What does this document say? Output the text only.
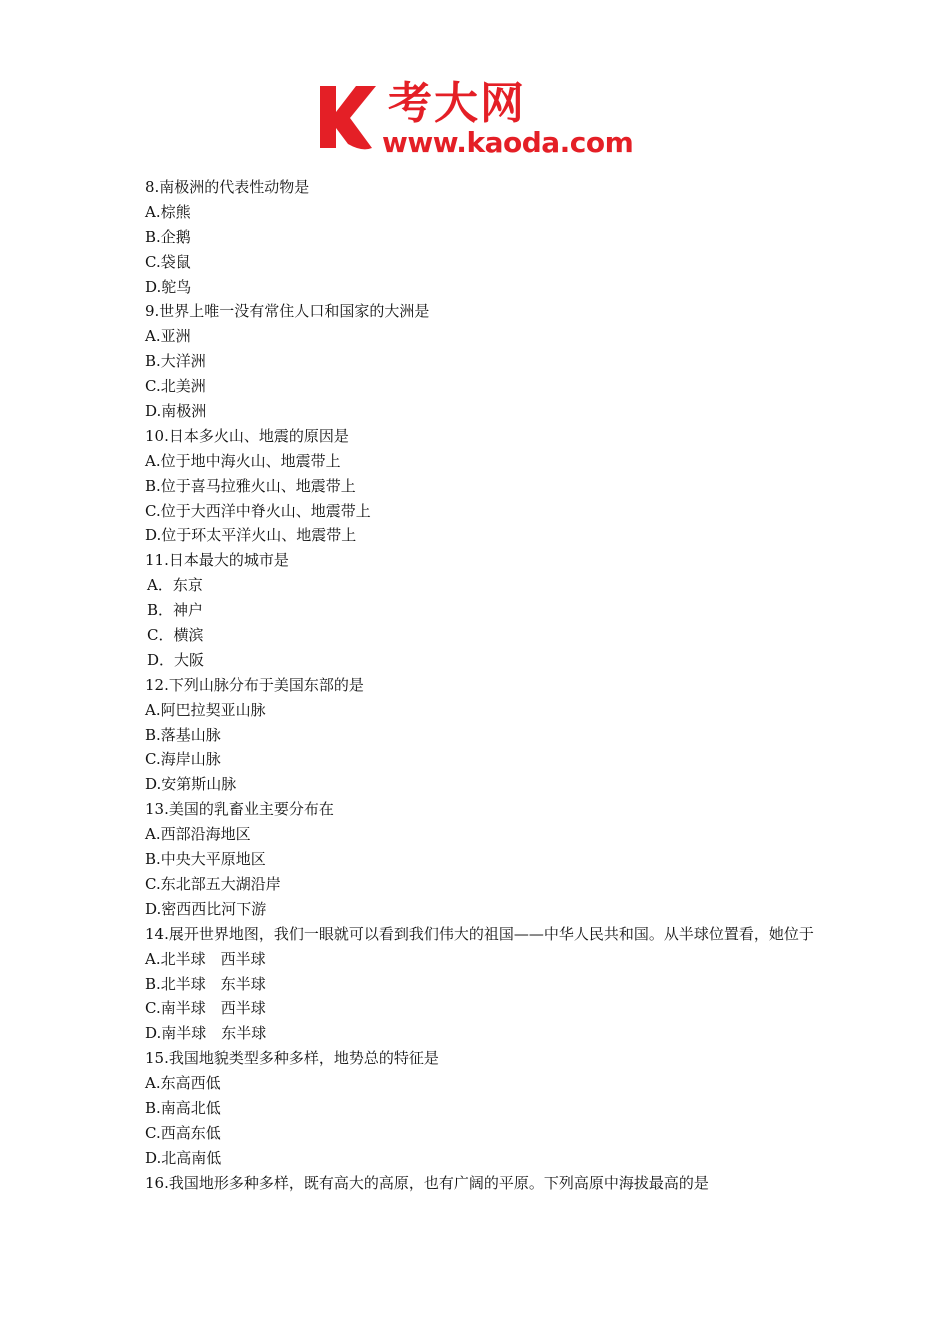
考大网
www.kaoda.com
8.南极洲的代表性动物是
A.棕熊
B.企鹅
C.袋鼠
D.鸵鸟
9.世界上唯一没有常住人口和国家的大洲是
A.亚洲
B.大洋洲
C.北美洲
D.南极洲
10.日本多火山、地震的原因是
A.位于地中海火山、地震带上
B.位于喜马拉雅火山、地震带上
C.位于大西洋中脊火山、地震带上
D.位于环太平洋火山、地震带上
11.日本最大的城市是
A．东京
B．神户
C．横滨
D．大阪
12.下列山脉分布于美国东部的是
A.阿巴拉契亚山脉
B.落基山脉
C.海岸山脉
D.安第斯山脉
13.美国的乳畜业主要分布在
A.西部沿海地区
B.中央大平原地区
C.东北部五大湖沿岸
D.密西西比河下游
14.展开世界地图，我们一眼就可以看到我们伟大的祖国——中华人民共和国。从半球位置看，她位于
A.北半球　西半球
B.北半球　东半球
C.南半球　西半球
D.南半球　东半球
15.我国地貌类型多种多样，地势总的特征是
A.东高西低
B.南高北低
C.西高东低
D.北高南低
16.我国地形多种多样，既有高大的高原，也有广阔的平原。下列高原中海拔最高的是
